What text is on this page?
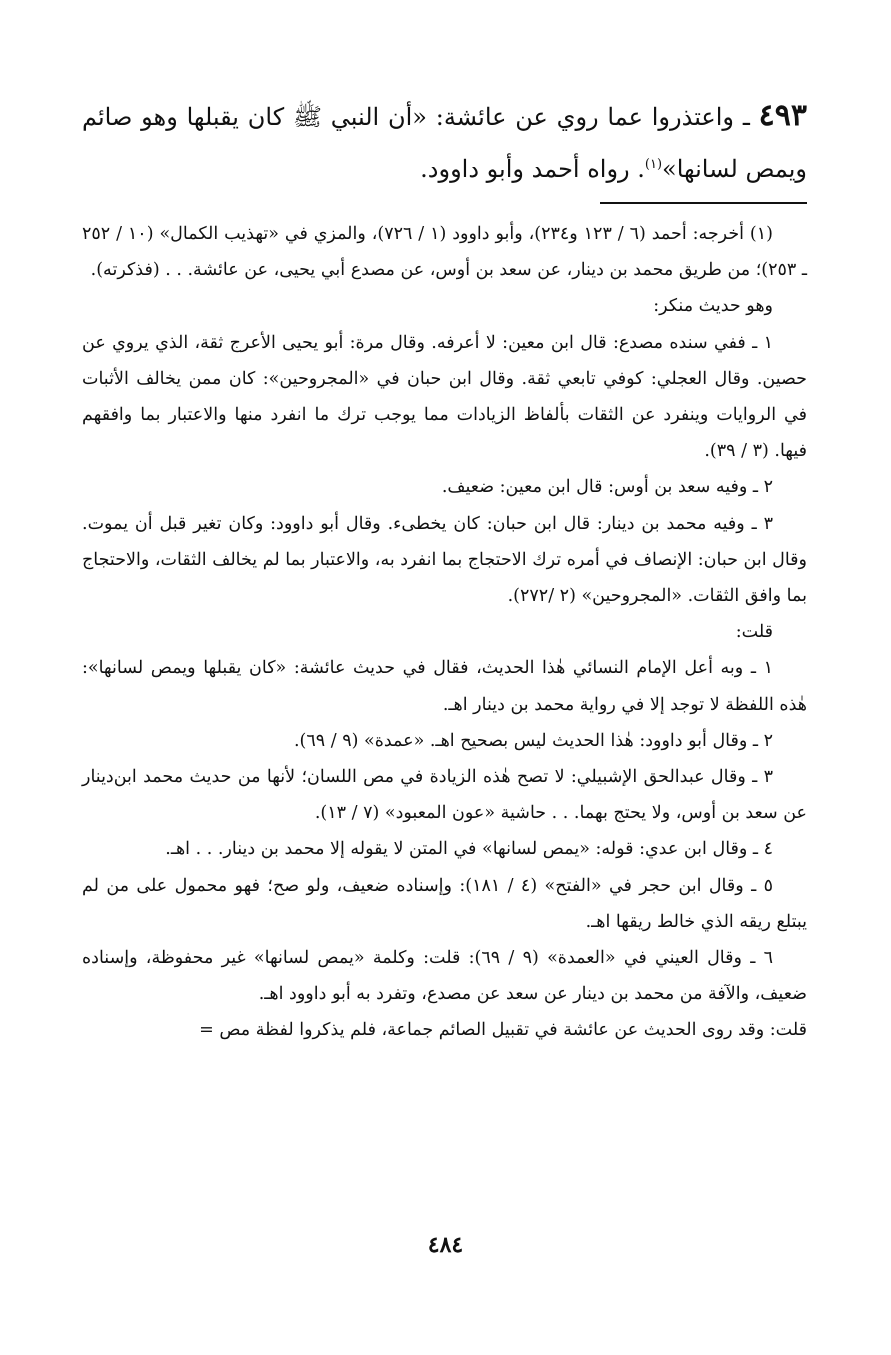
٤٩٣ ـ واعتذروا عما روي عن عائشة: «أن النبي ﷺ كان يقبلها وهو صائم ويمص لسانها»$^{(١)}$. رواه أحمد وأبو داوود.

(١) أخرجه: أحمد (٦ / ١٢٣ و٢٣٤)، وأبو داوود (١ / ٧٢٦)، والمزي في «تهذيب الكمال» (١٠ / ٢٥٢ ـ ٢٥٣)؛ من طريق محمد بن دينار، عن سعد بن أوس، عن مصدع أبي يحيى، عن عائشة. . . (فذكرته).

وهو حديث منكر:

١ ـ ففي سنده مصدع: قال ابن معين: لا أعرفه. وقال مرة: أبو يحيى الأعرج ثقة، الذي يروي عن حصين. وقال العجلي: كوفي تابعي ثقة. وقال ابن حبان في «المجروحين»: كان ممن يخالف الأثبات في الروايات وينفرد عن الثقات بألفاظ الزيادات مما يوجب ترك ما انفرد منها والاعتبار بما وافقهم فيها. (٣ / ٣٩).

٢ ـ وفيه سعد بن أوس: قال ابن معين: ضعيف.

٣ ـ وفيه محمد بن دينار: قال ابن حبان: كان يخطىء. وقال أبو داوود: وكان تغير قبل أن يموت. وقال ابن حبان: الإنصاف في أمره ترك الاحتجاج بما انفرد به، والاعتبار بما لم يخالف الثقات، والاحتجاج بما وافق الثقات. «المجروحين» (٢ /٢٧٢).

قلت:

١ ـ وبه أعل الإمام النسائي هٰذا الحديث، فقال في حديث عائشة: «كان يقبلها ويمص لسانها»: هٰذه اللفظة لا توجد إلا في رواية محمد بن دينار اهـ.

٢ ـ وقال أبو داوود: هٰذا الحديث ليس بصحيح اهـ. «عمدة» (٩ / ٦٩).

٣ ـ وقال عبدالحق الإشبيلي: لا تصح هٰذه الزيادة في مص اللسان؛ لأنها من حديث محمد ابن‌دينار عن سعد بن أوس، ولا يحتج بهما. . . حاشية «عون المعبود» (٧ / ١٣).

٤ ـ وقال ابن عدي: قوله: «يمص لسانها» في المتن لا يقوله إلا محمد بن دينار. . . اهـ.

٥ ـ وقال ابن حجر في «الفتح» (٤ / ١٨١): وإسناده ضعيف، ولو صح؛ فهو محمول على من لم يبتلع ريقه الذي خالط ريقها اهـ.

٦ ـ وقال العيني في «العمدة» (٩ / ٦٩): قلت: وكلمة «يمص لسانها» غير محفوظة، وإسناده ضعيف، والآفة من محمد بن دينار عن سعد عن مصدع، وتفرد به أبو داوود اهـ.

قلت: وقد روى الحديث عن عائشة في تقبيل الصائم جماعة، فلم يذكروا لفظة مص =

٤٨٤
